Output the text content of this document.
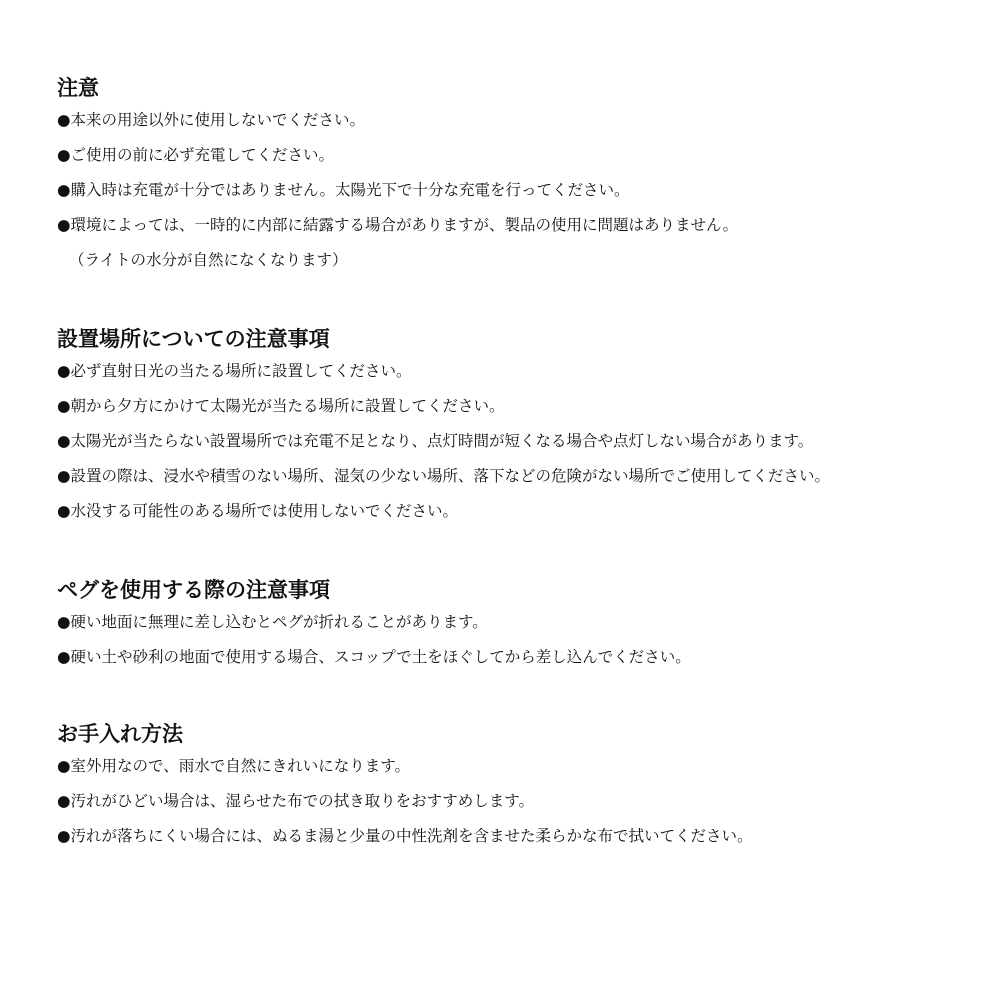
注意
●本来の用途以外に使用しないでください。
●ご使用の前に必ず充電してください。
●購入時は充電が十分ではありません。太陽光下で十分な充電を行ってください。
●環境によっては、一時的に内部に結露する場合がありますが、製品の使用に問題はありません。
（ライトの水分が自然になくなります）
設置場所についての注意事項
●必ず直射日光の当たる場所に設置してください。
●朝から夕方にかけて太陽光が当たる場所に設置してください。
●太陽光が当たらない設置場所では充電不足となり、点灯時間が短くなる場合や点灯しない場合があります。
●設置の際は、浸水や積雪のない場所、湿気の少ない場所、落下などの危険がない場所でご使用してください。
●水没する可能性のある場所では使用しないでください。
ペグを使用する際の注意事項
●硬い地面に無理に差し込むとペグが折れることがあります。
●硬い土や砂利の地面で使用する場合、スコップで土をほぐしてから差し込んでください。
お手入れ方法
●室外用なので、雨水で自然にきれいになります。
●汚れがひどい場合は、湿らせた布での拭き取りをおすすめします。
●汚れが落ちにくい場合には、ぬるま湯と少量の中性洗剤を含ませた柔らかな布で拭いてください。
